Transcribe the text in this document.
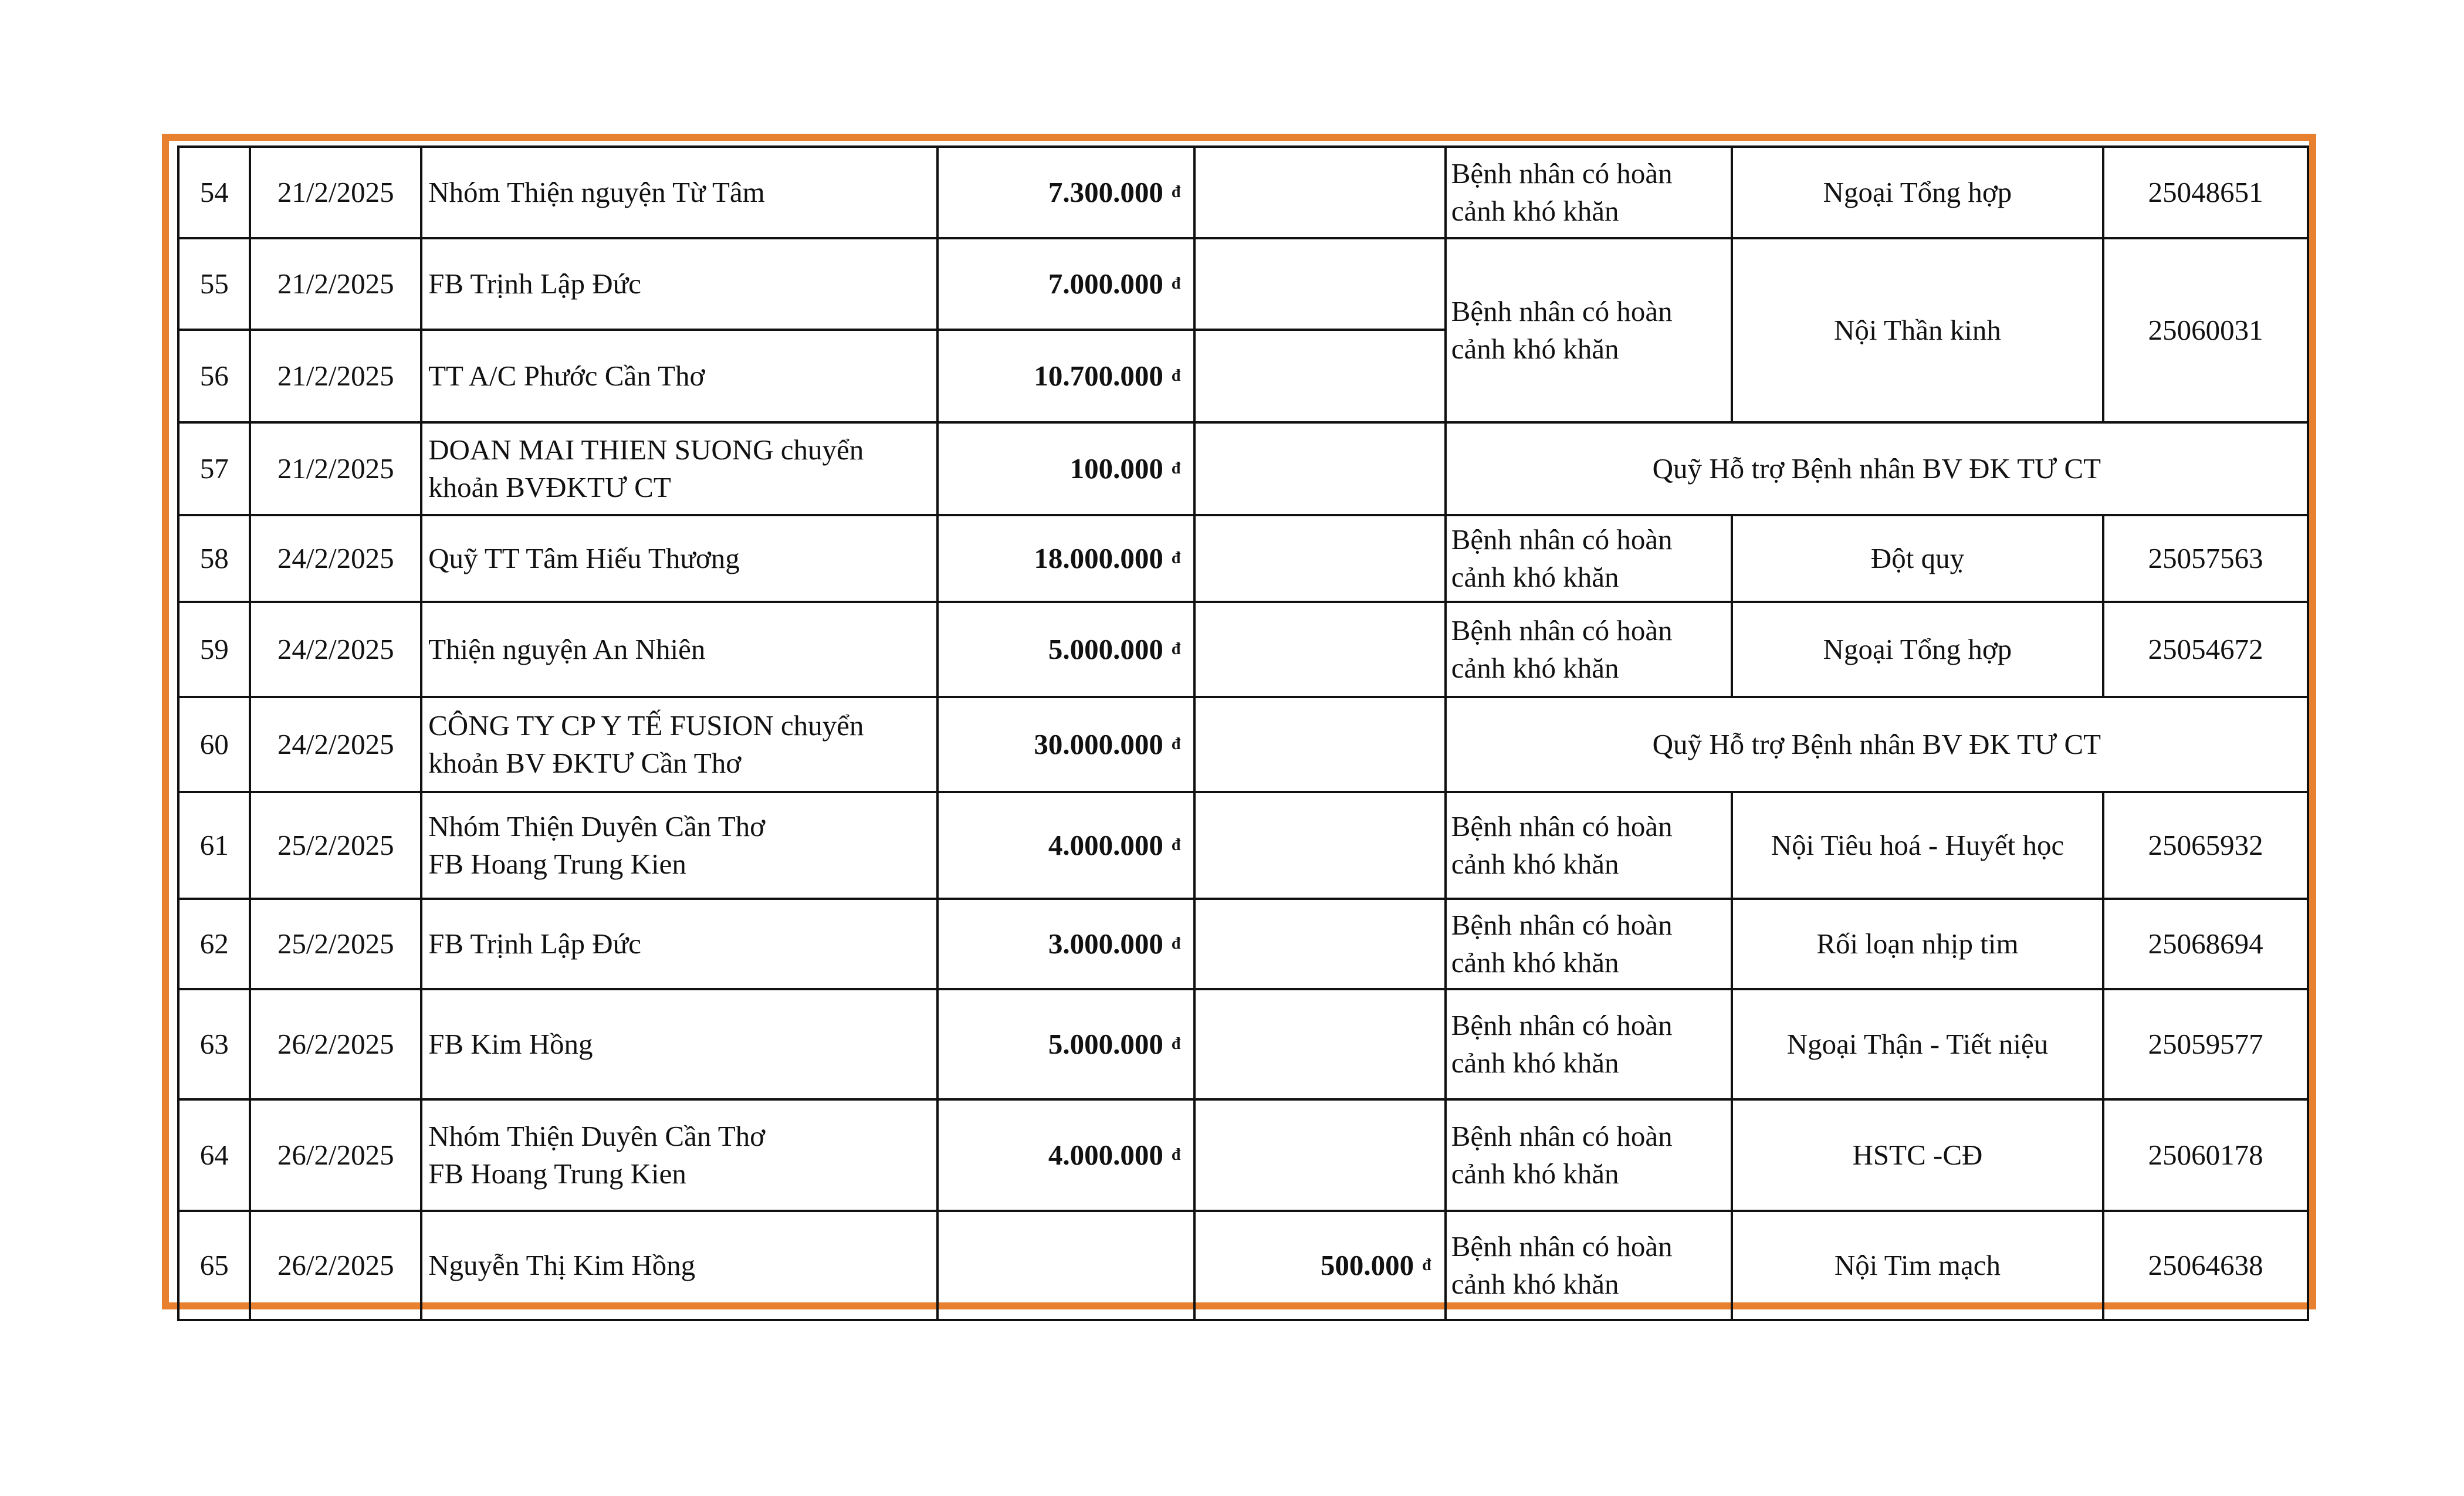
54	21/2/2025	Nhóm Thiện nguyện Từ Tâm	7.300.000 $^đ$		Bệnh nhân có hoàn
cảnh khó khăn	Ngoại Tổng hợp	25048651
55	21/2/2025	FB Trịnh Lập Đức	7.000.000 $^đ$		Bệnh nhân có hoàn
cảnh khó khăn	Nội Thần kinh	25060031
56	21/2/2025	TT A/C Phước Cần Thơ	10.700.000 $^đ$	
57	21/2/2025	DOAN MAI THIEN SUONG chuyển
khoản BVĐKTƯ CT	100.000 $^đ$		Quỹ Hỗ trợ Bệnh nhân BV ĐK TƯ CT		
58	24/2/2025	Quỹ TT Tâm Hiếu Thương	18.000.000 $^đ$		Bệnh nhân có hoàn
cảnh khó khăn	Đột quỵ	25057563
59	24/2/2025	Thiện nguyện An Nhiên	5.000.000 $^đ$		Bệnh nhân có hoàn
cảnh khó khăn	Ngoại Tổng hợp	25054672
60	24/2/2025	CÔNG TY CP Y TẾ FUSION chuyển
khoản BV ĐKTƯ Cần Thơ	30.000.000 $^đ$		Quỹ Hỗ trợ Bệnh nhân BV ĐK TƯ CT		
61	25/2/2025	Nhóm Thiện Duyên Cần Thơ
FB Hoang Trung Kien	4.000.000 $^đ$		Bệnh nhân có hoàn
cảnh khó khăn	Nội Tiêu hoá - Huyết học	25065932
62	25/2/2025	FB Trịnh Lập Đức	3.000.000 $^đ$		Bệnh nhân có hoàn
cảnh khó khăn	Rối loạn nhịp tim	25068694
63	26/2/2025	FB Kim Hồng	5.000.000 $^đ$		Bệnh nhân có hoàn
cảnh khó khăn	Ngoại Thận - Tiết niệu	25059577
64	26/2/2025	Nhóm Thiện Duyên Cần Thơ
FB Hoang Trung Kien	4.000.000 $^đ$		Bệnh nhân có hoàn
cảnh khó khăn	HSTC -CĐ	25060178
65	26/2/2025	Nguyễn Thị Kim Hồng		500.000 $^đ$	Bệnh nhân có hoàn
cảnh khó khăn	Nội Tim mạch	25064638
